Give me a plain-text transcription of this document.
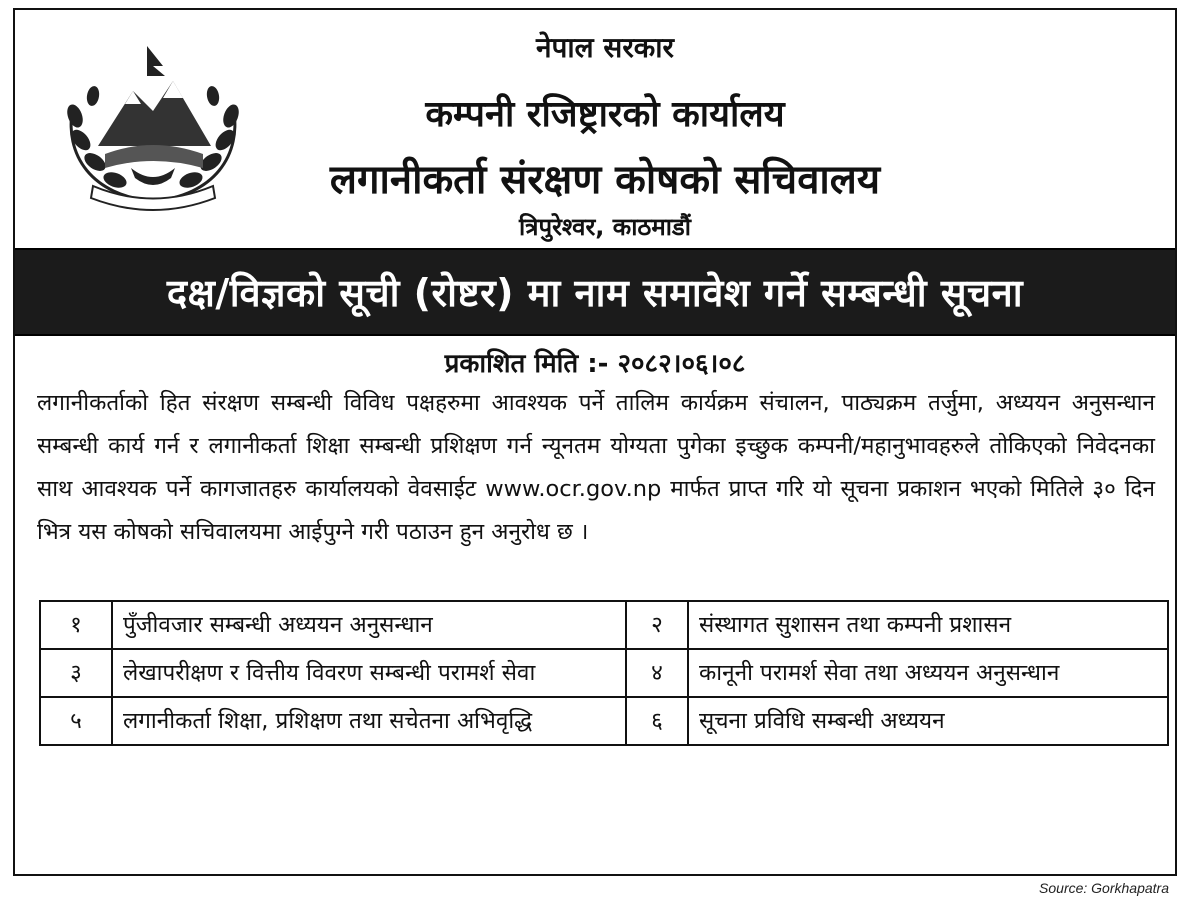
नेपाल सरकार
कम्पनी रजिष्ट्रारको कार्यालय
लगानीकर्ता संरक्षण कोषको सचिवालय
त्रिपुरेश्वर, काठमाडौं
दक्ष/विज्ञको सूची (रोष्टर) मा नाम समावेश गर्ने सम्बन्धी सूचना
प्रकाशित मिति :- २०८२।०६।०८
लगानीकर्ताको हित संरक्षण सम्बन्धी विविध पक्षहरुमा आवश्यक पर्ने तालिम कार्यक्रम संचालन, पाठ्यक्रम तर्जुमा, अध्ययन अनुसन्धान सम्बन्धी कार्य गर्न र लगानीकर्ता शिक्षा सम्बन्धी प्रशिक्षण गर्न न्यूनतम योग्यता पुगेका इच्छुक कम्पनी/महानुभावहरुले तोकिएको निवेदनका साथ आवश्यक पर्ने कागजातहरु कार्यालयको वेवसाईट www.ocr.gov.np मार्फत प्राप्त गरि यो सूचना प्रकाशन भएको मितिले ३० दिन भित्र यस कोषको सचिवालयमा आईपुग्ने गरी पठाउन हुन अनुरोध छ ।
१	पुँजीवजार सम्बन्धी अध्ययन अनुसन्धान	२	संस्थागत सुशासन तथा कम्पनी प्रशासन
३	लेखापरीक्षण र वित्तीय विवरण सम्बन्धी परामर्श सेवा	४	कानूनी परामर्श सेवा तथा अध्ययन अनुसन्धान
५	लगानीकर्ता शिक्षा, प्रशिक्षण तथा सचेतना अभिवृद्धि	६	सूचना प्रविधि सम्बन्धी अध्ययन
Source: Gorkhapatra
